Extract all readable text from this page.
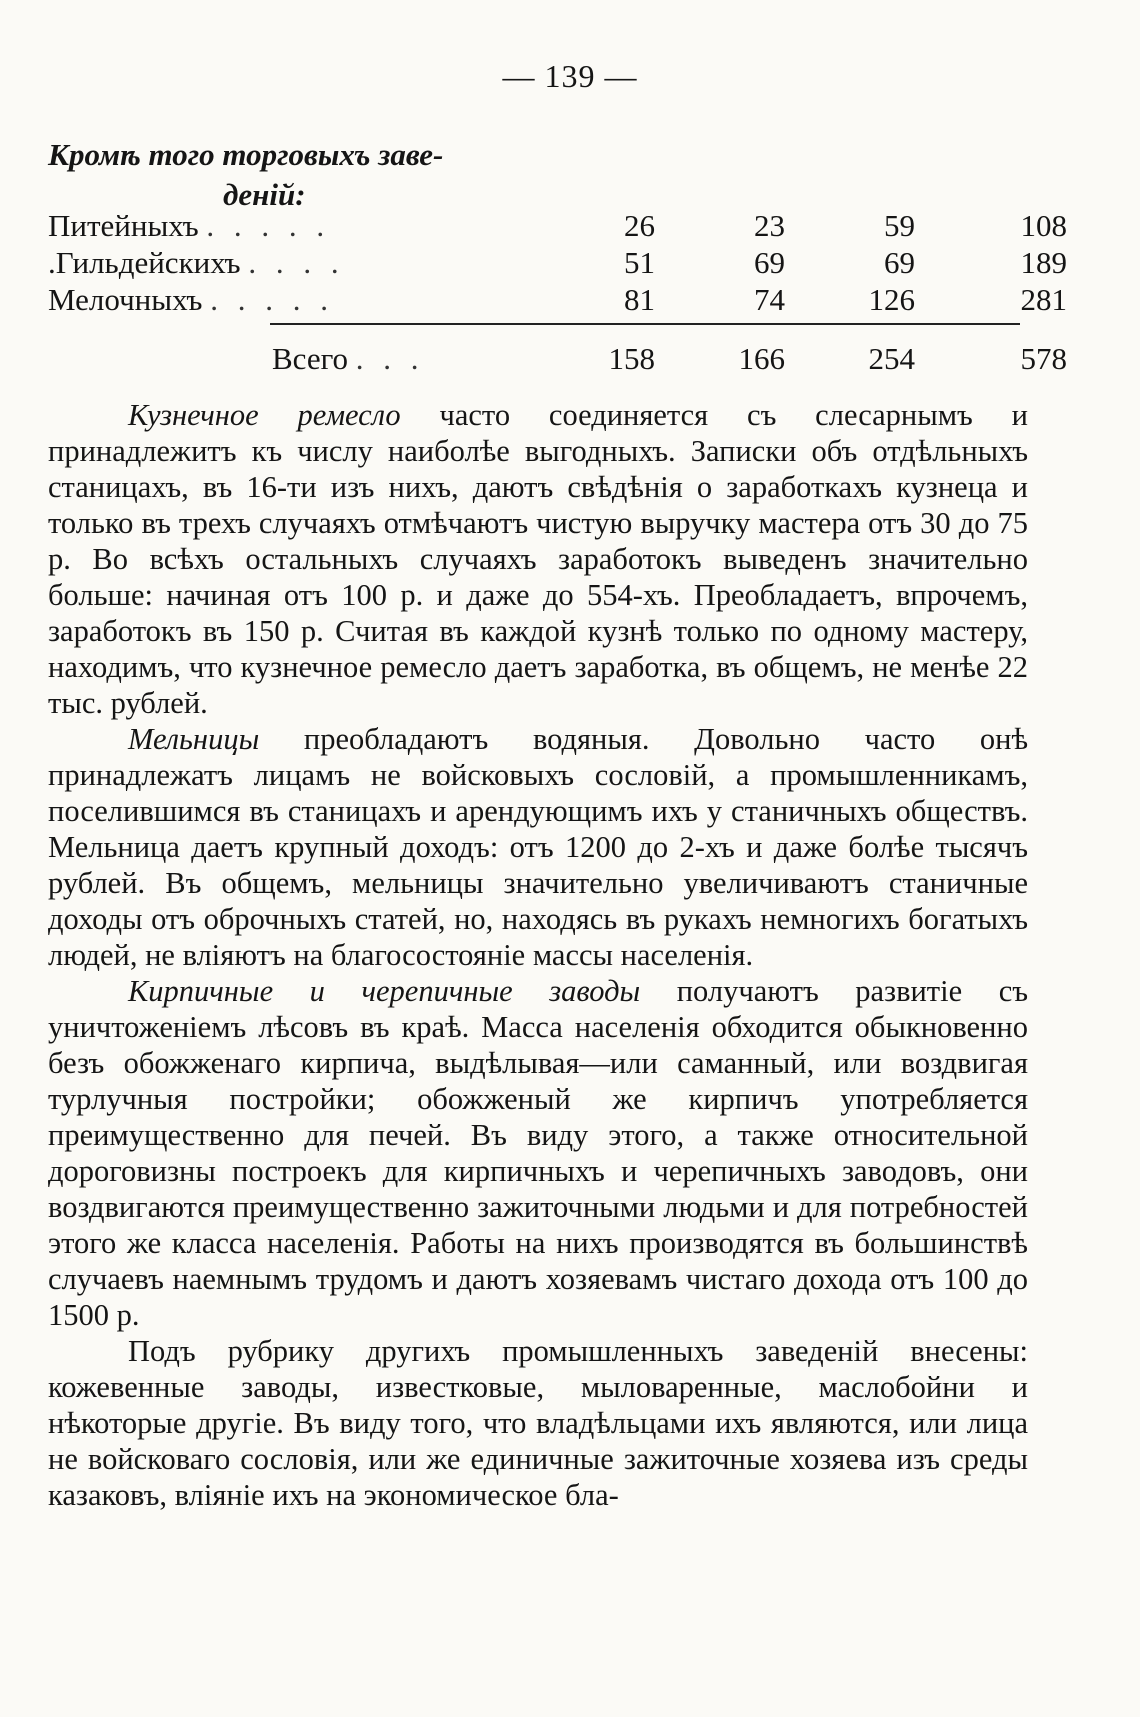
— 139 —
Кромѣ того торговыхъ заве-
деній:
Питейныхъ . . . . .	26	23	59	108
.Гильдейскихъ . . . .	51	69	69	189
Мелочныхъ . . . . .	81	74	126	281
Всего . . .	158	166	254	578

Кузнечное ремесло часто соединяется съ слесарнымъ и принадлежитъ къ числу наиболѣе выгодныхъ. Записки объ отдѣльныхъ станицахъ, въ 16-ти изъ нихъ, даютъ свѣдѣнія о заработкахъ кузнеца и только въ трехъ случаяхъ отмѣчаютъ чистую выручку мастера отъ 30 до 75 р. Во всѣхъ остальныхъ случаяхъ заработокъ выведенъ значительно больше: начиная отъ 100 р. и даже до 554-хъ. Преобладаетъ, впрочемъ, заработокъ въ 150 р. Считая въ каждой кузнѣ только по одному мастеру, находимъ, что кузнечное ремесло даетъ заработка, въ общемъ, не менѣе 22 тыс. рублей.

Мельницы преобладаютъ водяныя. Довольно часто онѣ принадлежатъ лицамъ не войсковыхъ сословій, а промышленникамъ, поселившимся въ станицахъ и арендующимъ ихъ у станичныхъ обществъ. Мельница даетъ крупный доходъ: отъ 1200 до 2-хъ и даже болѣе тысячъ рублей. Въ общемъ, мельницы значительно увеличиваютъ станичные доходы отъ оброчныхъ статей, но, находясь въ рукахъ немногихъ богатыхъ людей, не вліяютъ на благосостояніе массы населенія.

Кирпичные и черепичные заводы получаютъ развитіе съ уничтоженіемъ лѣсовъ въ краѣ. Масса населенія обходится обыкновенно безъ обожженаго кирпича, выдѣлывая—или саманный, или воздвигая турлучныя постройки; обожженый же кирпичъ употребляется преимущественно для печей. Въ виду этого, а также относительной дороговизны построекъ для кирпичныхъ и черепичныхъ заводовъ, они воздвигаются преимущественно зажиточными людьми и для потребностей этого же класса населенія. Работы на нихъ производятся въ большинствѣ случаевъ наемнымъ трудомъ и даютъ хозяевамъ чистаго дохода отъ 100 до 1500 р.

Подъ рубрику другихъ промышленныхъ заведеній внесены: кожевенные заводы, известковые, мыловаренные, маслобойни и нѣкоторые другіе. Въ виду того, что владѣльцами ихъ являются, или лица не войсковаго сословія, или же единичные зажиточные хозяева изъ среды казаковъ, вліяніе ихъ на экономическое бла-
